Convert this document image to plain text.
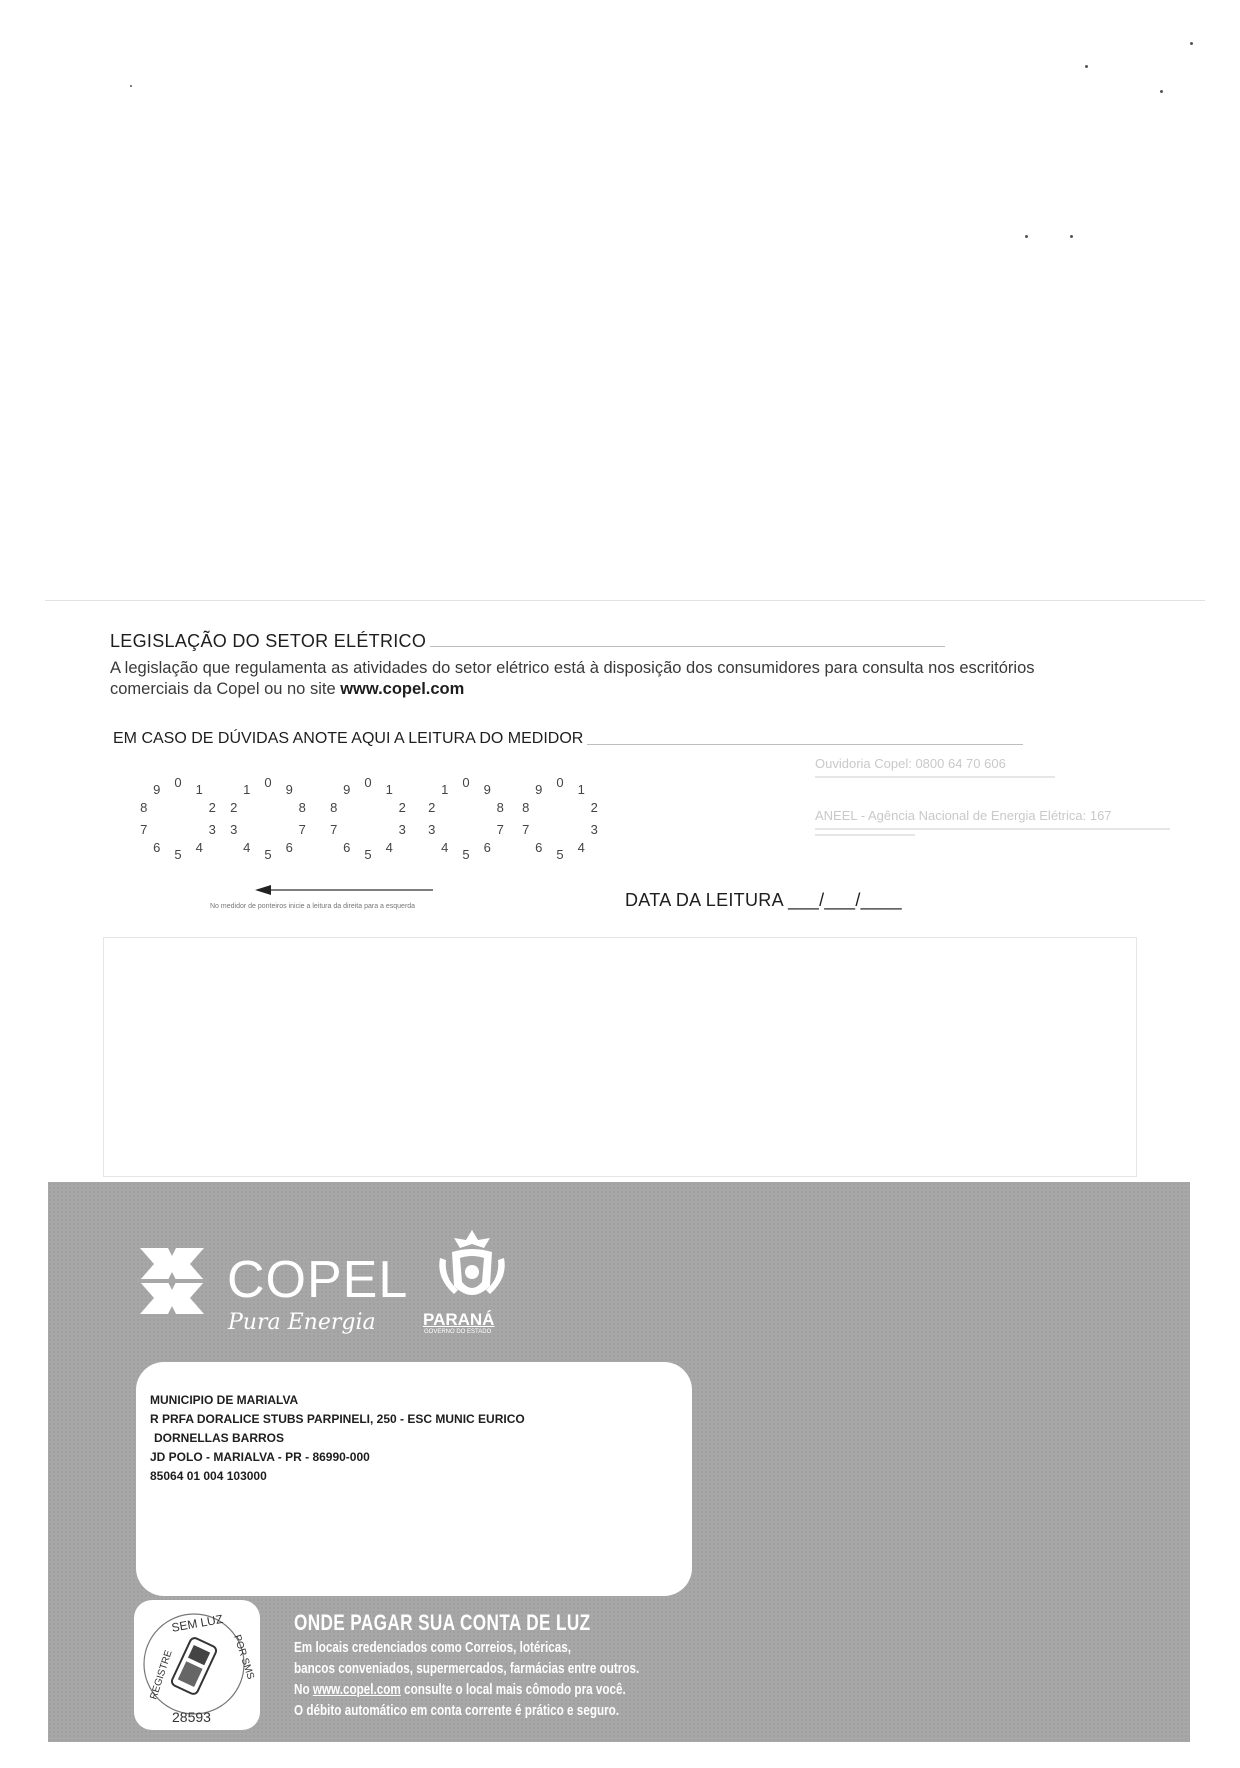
LEGISLAÇÃO DO SETOR ELÉTRICO
A legislação que regulamenta as atividades do setor elétrico está à disposição dos consumidores para consulta nos escritórios comerciais da Copel ou no site www.copel.com
EM CASO DE DÚVIDAS ANOTE AQUI A LEITURA DO MEDIDOR
0 1
2
3
4
5
6
7
8
9	0 9
8
7
6
5
4
3
2
1	0 1
2
3
4
5
6
7
8
9	0 9
8
7
6
5
4
3
2
1	0 1
2
3
4
5
6
7
8
9
No medidor de ponteiros inicie a leitura da direita para a esquerda	DATA DA LEITURA ___/___/____
Ouvidoria Copel: 0800 64 70 606
ANEEL - Agência Nacional de Energia Elétrica: 167
COPEL
Pura Energia	PARANÁ
GOVERNO DO ESTADO
MUNICIPIO DE MARIALVA
R PRFA DORALICE STUBS PARPINELI, 250 - ESC MUNIC EURICO
DORNELLAS BARROS
JD POLO - MARIALVA - PR - 86990-000
85064 01 004 103000
SEM LUZ
REGISTRE	POR SMS
28593
ONDE PAGAR SUA CONTA DE LUZ
Em locais credenciados como Correios, lotéricas,
bancos conveniados, supermercados, farmácias entre outros.
No www.copel.com consulte o local mais cômodo pra você.
O débito automático em conta corrente é prático e seguro.
